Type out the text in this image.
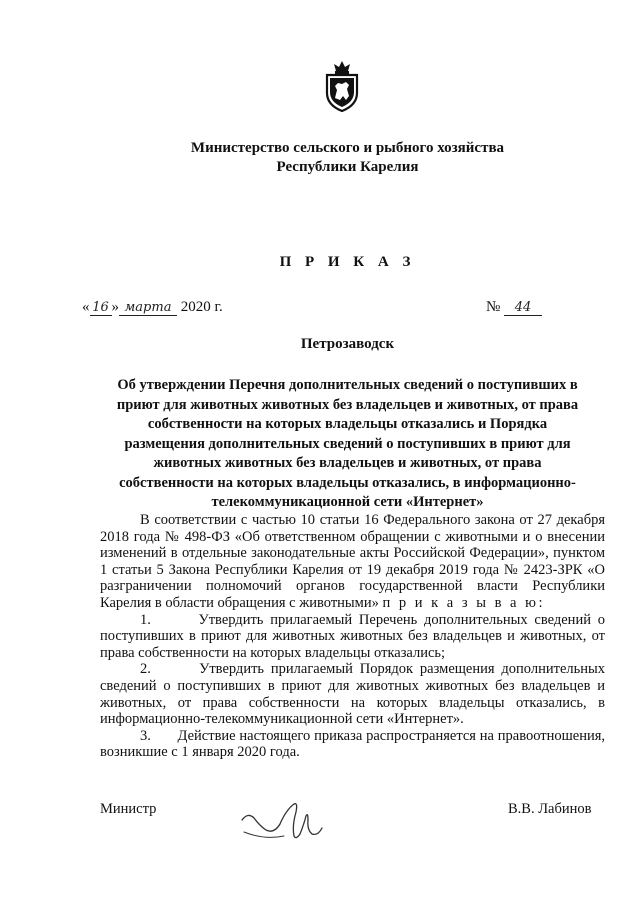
Министерство сельского и рыбного хозяйства
Республики Карелия
П Р И К А З
« 16 » марта 2020 г.	№ 44
Петрозаводск
Об утверждении Перечня дополнительных сведений о поступивших в
приют для животных животных без владельцев и животных, от права
собственности на которых владельцы отказались и Порядка
размещения дополнительных сведений о поступивших в приют для
животных животных без владельцев и животных, от права
собственности на которых владельцы отказались, в информационно-
телекоммуникационной сети «Интернет»

В соответствии с частью 10 статьи 16 Федерального закона от 27 декабря 2018 года № 498-ФЗ «Об ответственном обращении с животными и о внесении изменений в отдельные законодательные акты Российской Федерации», пунктом 1 статьи 5 Закона Республики Карелия от 19 декабря 2019 года № 2423-ЗРК «О разграничении полномочий органов государственной власти Республики Карелия в области обращения с животными» п р и к а з ы в а ю:

1.	Утвердить прилагаемый Перечень дополнительных сведений о поступивших в приют для животных животных без владельцев и животных, от права собственности на которых владельцы отказались;

2.	Утвердить прилагаемый Порядок размещения дополнительных сведений о поступивших в приют для животных животных без владельцев и животных, от права собственности на которых владельцы отказались, в информационно-телекоммуникационной сети «Интернет».

3. Действие настоящего приказа распространяется на правоотношения, возникшие с 1 января 2020 года.

Министр	В.В. Лабинов
